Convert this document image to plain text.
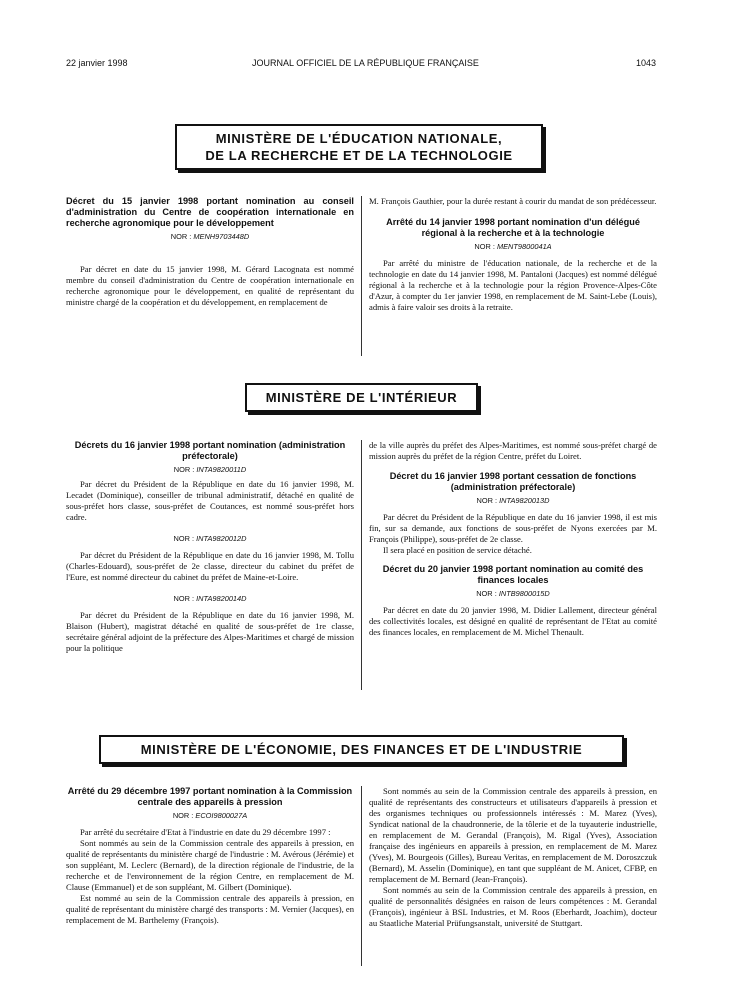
22 janvier 1998	JOURNAL OFFICIEL DE LA RÉPUBLIQUE FRANÇAISE	1043
MINISTÈRE DE L'ÉDUCATION NATIONALE,
DE LA RECHERCHE ET DE LA TECHNOLOGIE
Décret du 15 janvier 1998 portant nomination au conseil d'administration du Centre de coopération internationale en recherche agronomique pour le développement
NOR : MENH9703448D

Par décret en date du 15 janvier 1998, M. Gérard Lacognata est nommé membre du conseil d'administration du Centre de coopération internationale en recherche agronomique pour le développement, en qualité de représentant du ministre chargé de la coopération et du développement, en remplacement de

M. François Gauthier, pour la durée restant à courir du mandat de son prédécesseur.

Arrêté du 14 janvier 1998 portant nomination d'un délégué régional à la recherche et à la technologie
NOR : MENT9800041A

Par arrêté du ministre de l'éducation nationale, de la recherche et de la technologie en date du 14 janvier 1998, M. Pantaloni (Jacques) est nommé délégué régional à la recherche et à la technologie pour la région Provence-Alpes-Côte d'Azur, à compter du 1er janvier 1998, en remplacement de M. Saint-Lebe (Louis), admis à faire valoir ses droits à la retraite.

MINISTÈRE DE L'INTÉRIEUR
Décrets du 16 janvier 1998 portant nomination (administration préfectorale)
NOR : INTA9820011D

Par décret du Président de la République en date du 16 janvier 1998, M. Lecadet (Dominique), conseiller de tribunal administratif, détaché en qualité de sous-préfet hors classe, sous-préfet de Coutances, est nommé sous-préfet hors cadre.

NOR : INTA9820012D

Par décret du Président de la République en date du 16 janvier 1998, M. Tollu (Charles-Edouard), sous-préfet de 2e classe, directeur du cabinet du préfet de l'Eure, est nommé directeur du cabinet du préfet de Maine-et-Loire.

NOR : INTA9820014D

Par décret du Président de la République en date du 16 janvier 1998, M. Blaison (Hubert), magistrat détaché en qualité de sous-préfet de 1re classe, secrétaire général adjoint de la préfecture des Alpes-Maritimes et chargé de mission pour la politique

de la ville auprès du préfet des Alpes-Maritimes, est nommé sous-préfet chargé de mission auprès du préfet de la région Centre, préfet du Loiret.

Décret du 16 janvier 1998 portant cessation de fonctions (administration préfectorale)
NOR : INTA9820013D

Par décret du Président de la République en date du 16 janvier 1998, il est mis fin, sur sa demande, aux fonctions de sous-préfet de Nyons exercées par M. François (Philippe), sous-préfet de 2e classe.

Il sera placé en position de service détaché.

Décret du 20 janvier 1998 portant nomination au comité des finances locales
NOR : INTB9800015D

Par décret en date du 20 janvier 1998, M. Didier Lallement, directeur général des collectivités locales, est désigné en qualité de représentant de l'Etat au comité des finances locales, en remplacement de M. Michel Thenault.

MINISTÈRE DE L'ÉCONOMIE, DES FINANCES ET DE L'INDUSTRIE
Arrêté du 29 décembre 1997 portant nomination à la Commission centrale des appareils à pression
NOR : ECOI9800027A

Par arrêté du secrétaire d'Etat à l'industrie en date du 29 décembre 1997 :

Sont nommés au sein de la Commission centrale des appareils à pression, en qualité de représentants du ministère chargé de l'industrie : M. Avérous (Jérémie) et son suppléant, M. Leclerc (Bernard), de la direction régionale de l'industrie, de la recherche et de l'environnement de la région Centre, en remplacement de M. Clause (Emmanuel) et de son suppléant, M. Gilbert (Dominique).

Est nommé au sein de la Commission centrale des appareils à pression, en qualité de représentant du ministère chargé des transports : M. Vernier (Jacques), en remplacement de M. Barthelemy (François).

Sont nommés au sein de la Commission centrale des appareils à pression, en qualité de représentants des constructeurs et utilisateurs d'appareils à pression et des organismes techniques ou professionnels intéressés : M. Marez (Yves), Syndicat national de la chaudronnerie, de la tôlerie et de la tuyauterie industrielle, en remplacement de M. Gerandal (François), M. Rigal (Yves), Association française des ingénieurs en appareils à pression, en remplacement de M. Marez (Yves), M. Bourgeois (Gilles), Bureau Veritas, en remplacement de M. Doroszczuk (Bernard), M. Asselin (Dominique), en tant que suppléant de M. Anicet, CFBP, en remplacement de M. Bernard (Jean-François).

Sont nommés au sein de la Commission centrale des appareils à pression, en qualité de personnalités désignées en raison de leurs compétences : M. Gerandal (François), ingénieur à BSL Industries, et M. Roos (Eberhardt, Joachim), docteur au Staatliche Material Prüfungsanstalt, université de Stuttgart.
